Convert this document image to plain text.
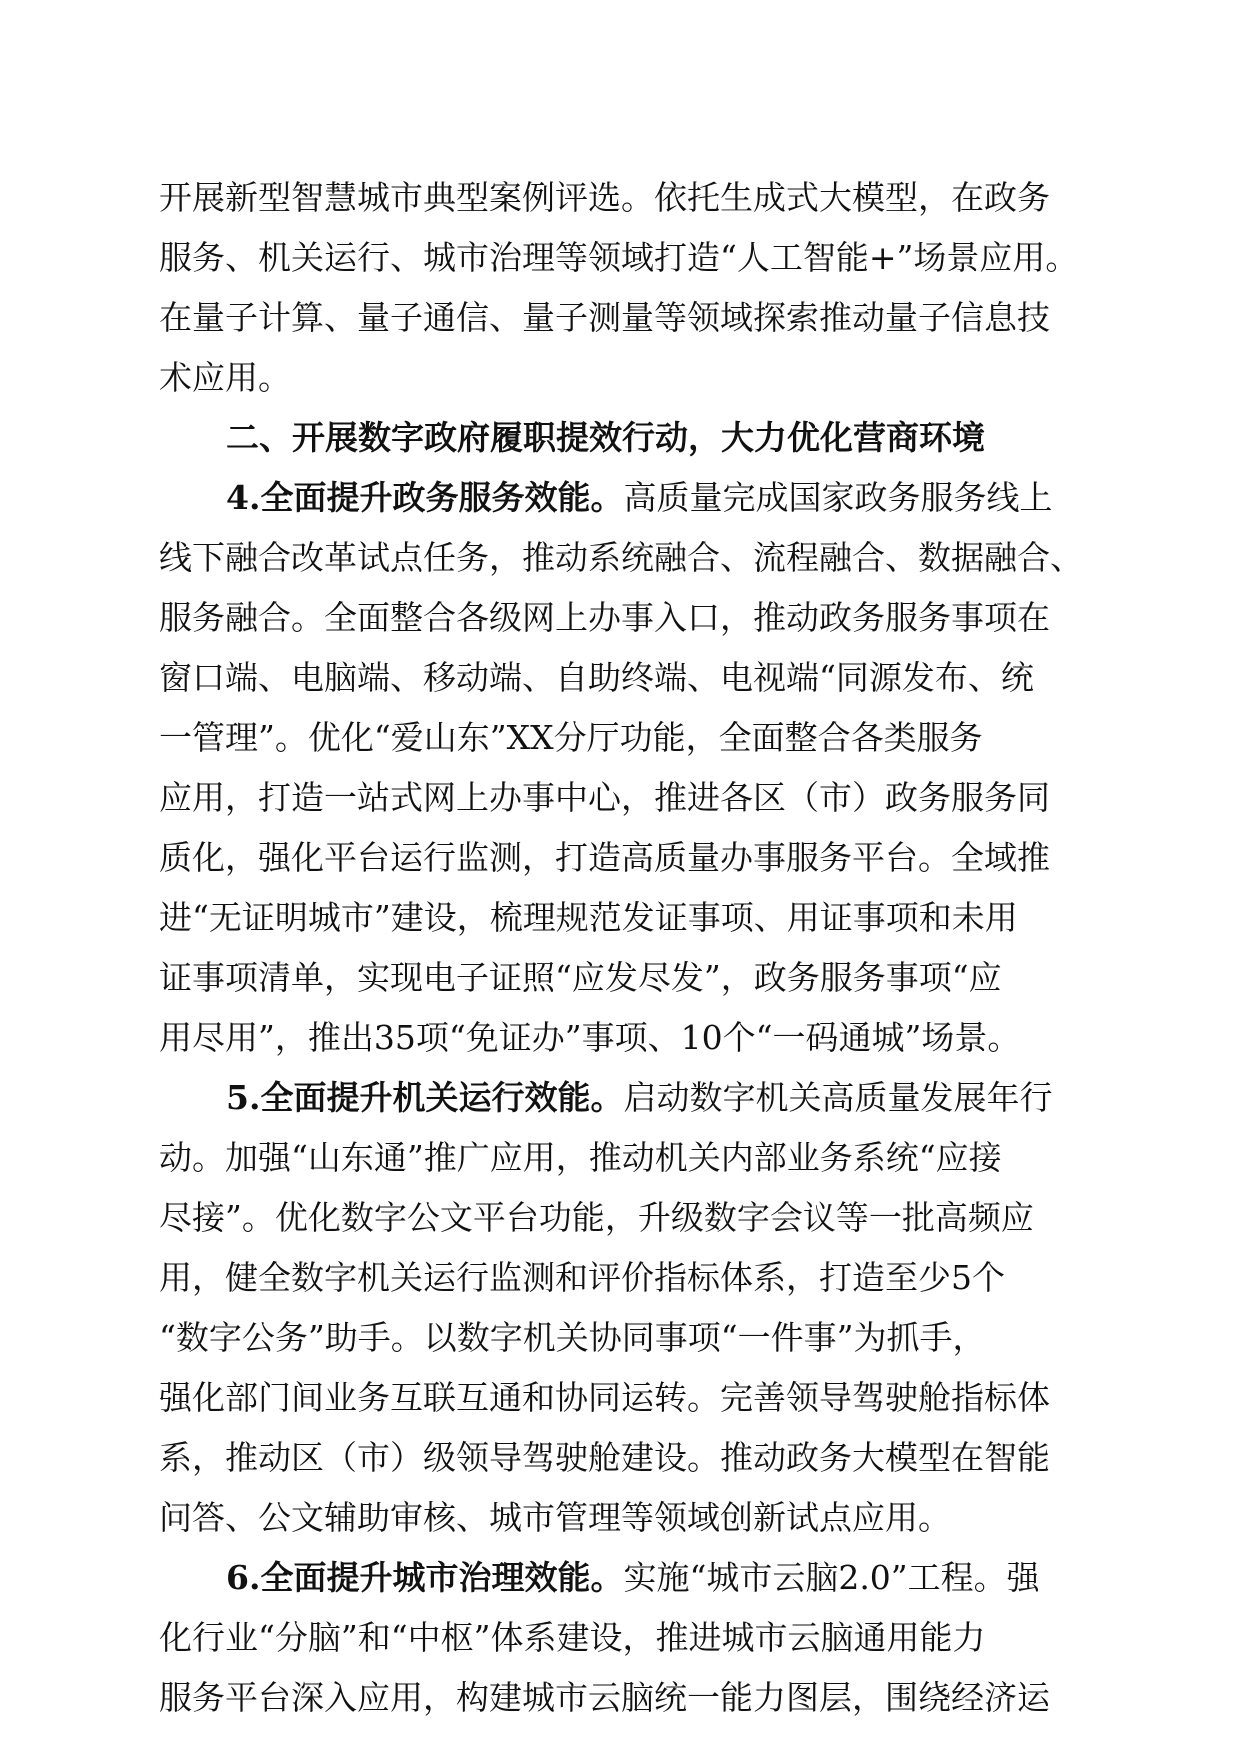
开展新型智慧城市典型案例评选。依托生成式大模型，在政务
服务、机关运行、城市治理等领域打造“人工智能+”场景应用。
在量子计算、量子通信、量子测量等领域探索推动量子信息技
术应用。
二、开展数字政府履职提效行动，大力优化营商环境
4.全面提升政务服务效能。高质量完成国家政务服务线上
线下融合改革试点任务，推动系统融合、流程融合、数据融合、
服务融合。全面整合各级网上办事入口，推动政务服务事项在
窗口端、电脑端、移动端、自助终端、电视端“同源发布、统
一管理”。优化“爱山东”XX分厅功能，全面整合各类服务
应用，打造一站式网上办事中心，推进各区（市）政务服务同
质化，强化平台运行监测，打造高质量办事服务平台。全域推
进“无证明城市”建设，梳理规范发证事项、用证事项和未用
证事项清单，实现电子证照“应发尽发”，政务服务事项“应
用尽用”，推出35项“免证办”事项、10个“一码通城”场景。
5.全面提升机关运行效能。启动数字机关高质量发展年行
动。加强“山东通”推广应用，推动机关内部业务系统“应接
尽接”。优化数字公文平台功能，升级数字会议等一批高频应
用，健全数字机关运行监测和评价指标体系，打造至少5个
“数字公务”助手。以数字机关协同事项“一件事”为抓手，
强化部门间业务互联互通和协同运转。完善领导驾驶舱指标体
系，推动区（市）级领导驾驶舱建设。推动政务大模型在智能
问答、公文辅助审核、城市管理等领域创新试点应用。
6.全面提升城市治理效能。实施“城市云脑2.0”工程。强
化行业“分脑”和“中枢”体系建设，推进城市云脑通用能力
服务平台深入应用，构建城市云脑统一能力图层，围绕经济运
